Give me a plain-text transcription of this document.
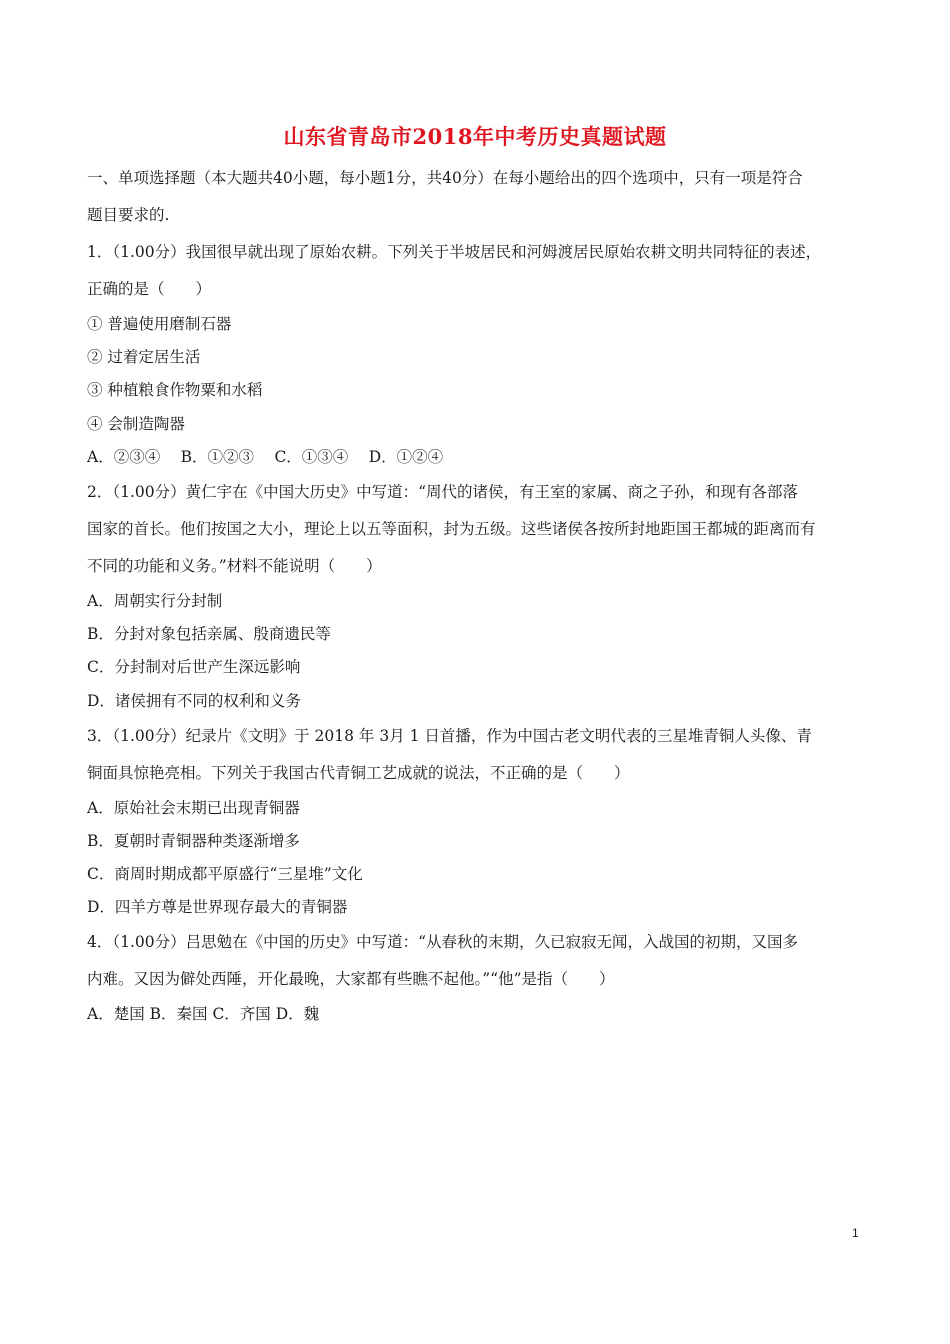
山东省青岛市2018年中考历史真题试题
一、单项选择题（本大题共40小题，每小题1分，共40分）在每小题给出的四个选项中，只有一项是符合
题目要求的.
1．（1.00分）我国很早就出现了原始农耕。下列关于半坡居民和河姆渡居民原始农耕文明共同特征的表述，
正确的是（　　）
① 普遍使用磨制石器
② 过着定居生活
③ 种植粮食作物粟和水稻
④ 会制造陶器
A．②③④　 B．①②③　 C．①③④　 D．①②④
2．（1.00分）黄仁宇在《中国大历史》中写道：“周代的诸侯，有王室的家属、商之子孙，和现有各部落
国家的首长。他们按国之大小，理论上以五等面积，封为五级。这些诸侯各按所封地距国王都城的距离而有
不同的功能和义务。”材料不能说明（　　）
A．周朝实行分封制
B．分封对象包括亲属、殷商遗民等
C．分封制对后世产生深远影响
D．诸侯拥有不同的权利和义务
3．（1.00分）纪录片《文明》于 2018 年 3月 1 日首播，作为中国古老文明代表的三星堆青铜人头像、青
铜面具惊艳亮相。下列关于我国古代青铜工艺成就的说法，不正确的是（　　）
A．原始社会末期已出现青铜器
B．夏朝时青铜器种类逐渐增多
C．商周时期成都平原盛行“三星堆”文化
D．四羊方尊是世界现存最大的青铜器
4．（1.00分）吕思勉在《中国的历史》中写道：“从春秋的末期，久已寂寂无闻，入战国的初期，又国多
内难。又因为僻处西陲，开化最晚，大家都有些瞧不起他。”“他”是指（　　）
A．楚国 B．秦国 C．齐国 D．魏
1
